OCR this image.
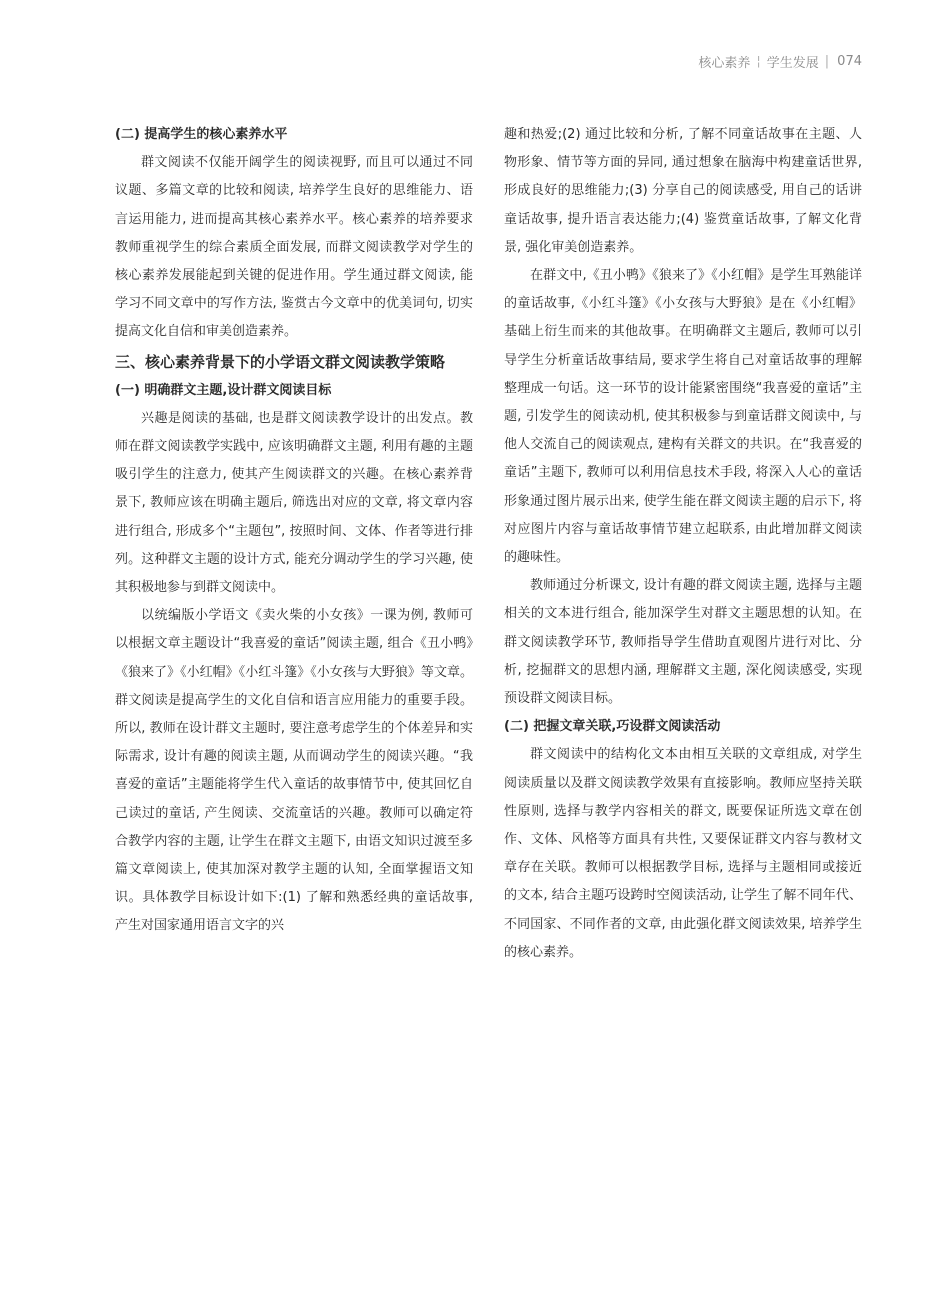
核心素养 ¦ 学生发展 | 074

(二) 提高学生的核心素养水平

群文阅读不仅能开阔学生的阅读视野, 而且可以通过不同议题、多篇文章的比较和阅读, 培养学生良好的思维能力、语言运用能力, 进而提高其核心素养水平。核心素养的培养要求教师重视学生的综合素质全面发展, 而群文阅读教学对学生的核心素养发展能起到关键的促进作用。学生通过群文阅读, 能学习不同文章中的写作方法, 鉴赏古今文章中的优美词句, 切实提高文化自信和审美创造素养。

三、核心素养背景下的小学语文群文阅读教学策略

(一) 明确群文主题,设计群文阅读目标

兴趣是阅读的基础, 也是群文阅读教学设计的出发点。教师在群文阅读教学实践中, 应该明确群文主题, 利用有趣的主题吸引学生的注意力, 使其产生阅读群文的兴趣。在核心素养背景下, 教师应该在明确主题后, 筛选出对应的文章, 将文章内容进行组合, 形成多个“主题包”, 按照时间、文体、作者等进行排列。这种群文主题的设计方式, 能充分调动学生的学习兴趣, 使其积极地参与到群文阅读中。

以统编版小学语文《卖火柴的小女孩》一课为例, 教师可以根据文章主题设计“我喜爱的童话”阅读主题, 组合《丑小鸭》《狼来了》《小红帽》《小红斗篷》《小女孩与大野狼》等文章。群文阅读是提高学生的文化自信和语言应用能力的重要手段。所以, 教师在设计群文主题时, 要注意考虑学生的个体差异和实际需求, 设计有趣的阅读主题, 从而调动学生的阅读兴趣。“我喜爱的童话”主题能将学生代入童话的故事情节中, 使其回忆自己读过的童话, 产生阅读、交流童话的兴趣。教师可以确定符合教学内容的主题, 让学生在群文主题下, 由语文知识过渡至多篇文章阅读上, 使其加深对教学主题的认知, 全面掌握语文知识。具体教学目标设计如下:(1) 了解和熟悉经典的童话故事, 产生对国家通用语言文字的兴

趣和热爱;(2) 通过比较和分析, 了解不同童话故事在主题、人物形象、情节等方面的异同, 通过想象在脑海中构建童话世界, 形成良好的思维能力;(3) 分享自己的阅读感受, 用自己的话讲童话故事, 提升语言表达能力;(4) 鉴赏童话故事, 了解文化背景, 强化审美创造素养。

在群文中,《丑小鸭》《狼来了》《小红帽》是学生耳熟能详的童话故事,《小红斗篷》《小女孩与大野狼》是在《小红帽》基础上衍生而来的其他故事。在明确群文主题后, 教师可以引导学生分析童话故事结局, 要求学生将自己对童话故事的理解整理成一句话。这一环节的设计能紧密围绕“我喜爱的童话”主题, 引发学生的阅读动机, 使其积极参与到童话群文阅读中, 与他人交流自己的阅读观点, 建构有关群文的共识。在“我喜爱的童话”主题下, 教师可以利用信息技术手段, 将深入人心的童话形象通过图片展示出来, 使学生能在群文阅读主题的启示下, 将对应图片内容与童话故事情节建立起联系, 由此增加群文阅读的趣味性。

教师通过分析课文, 设计有趣的群文阅读主题, 选择与主题相关的文本进行组合, 能加深学生对群文主题思想的认知。在群文阅读教学环节, 教师指导学生借助直观图片进行对比、分析, 挖掘群文的思想内涵, 理解群文主题, 深化阅读感受, 实现预设群文阅读目标。

(二) 把握文章关联,巧设群文阅读活动

群文阅读中的结构化文本由相互关联的文章组成, 对学生阅读质量以及群文阅读教学效果有直接影响。教师应坚持关联性原则, 选择与教学内容相关的群文, 既要保证所选文章在创作、文体、风格等方面具有共性, 又要保证群文内容与教材文章存在关联。教师可以根据教学目标, 选择与主题相同或接近的文本, 结合主题巧设跨时空阅读活动, 让学生了解不同年代、不同国家、不同作者的文章, 由此强化群文阅读效果, 培养学生的核心素养。
